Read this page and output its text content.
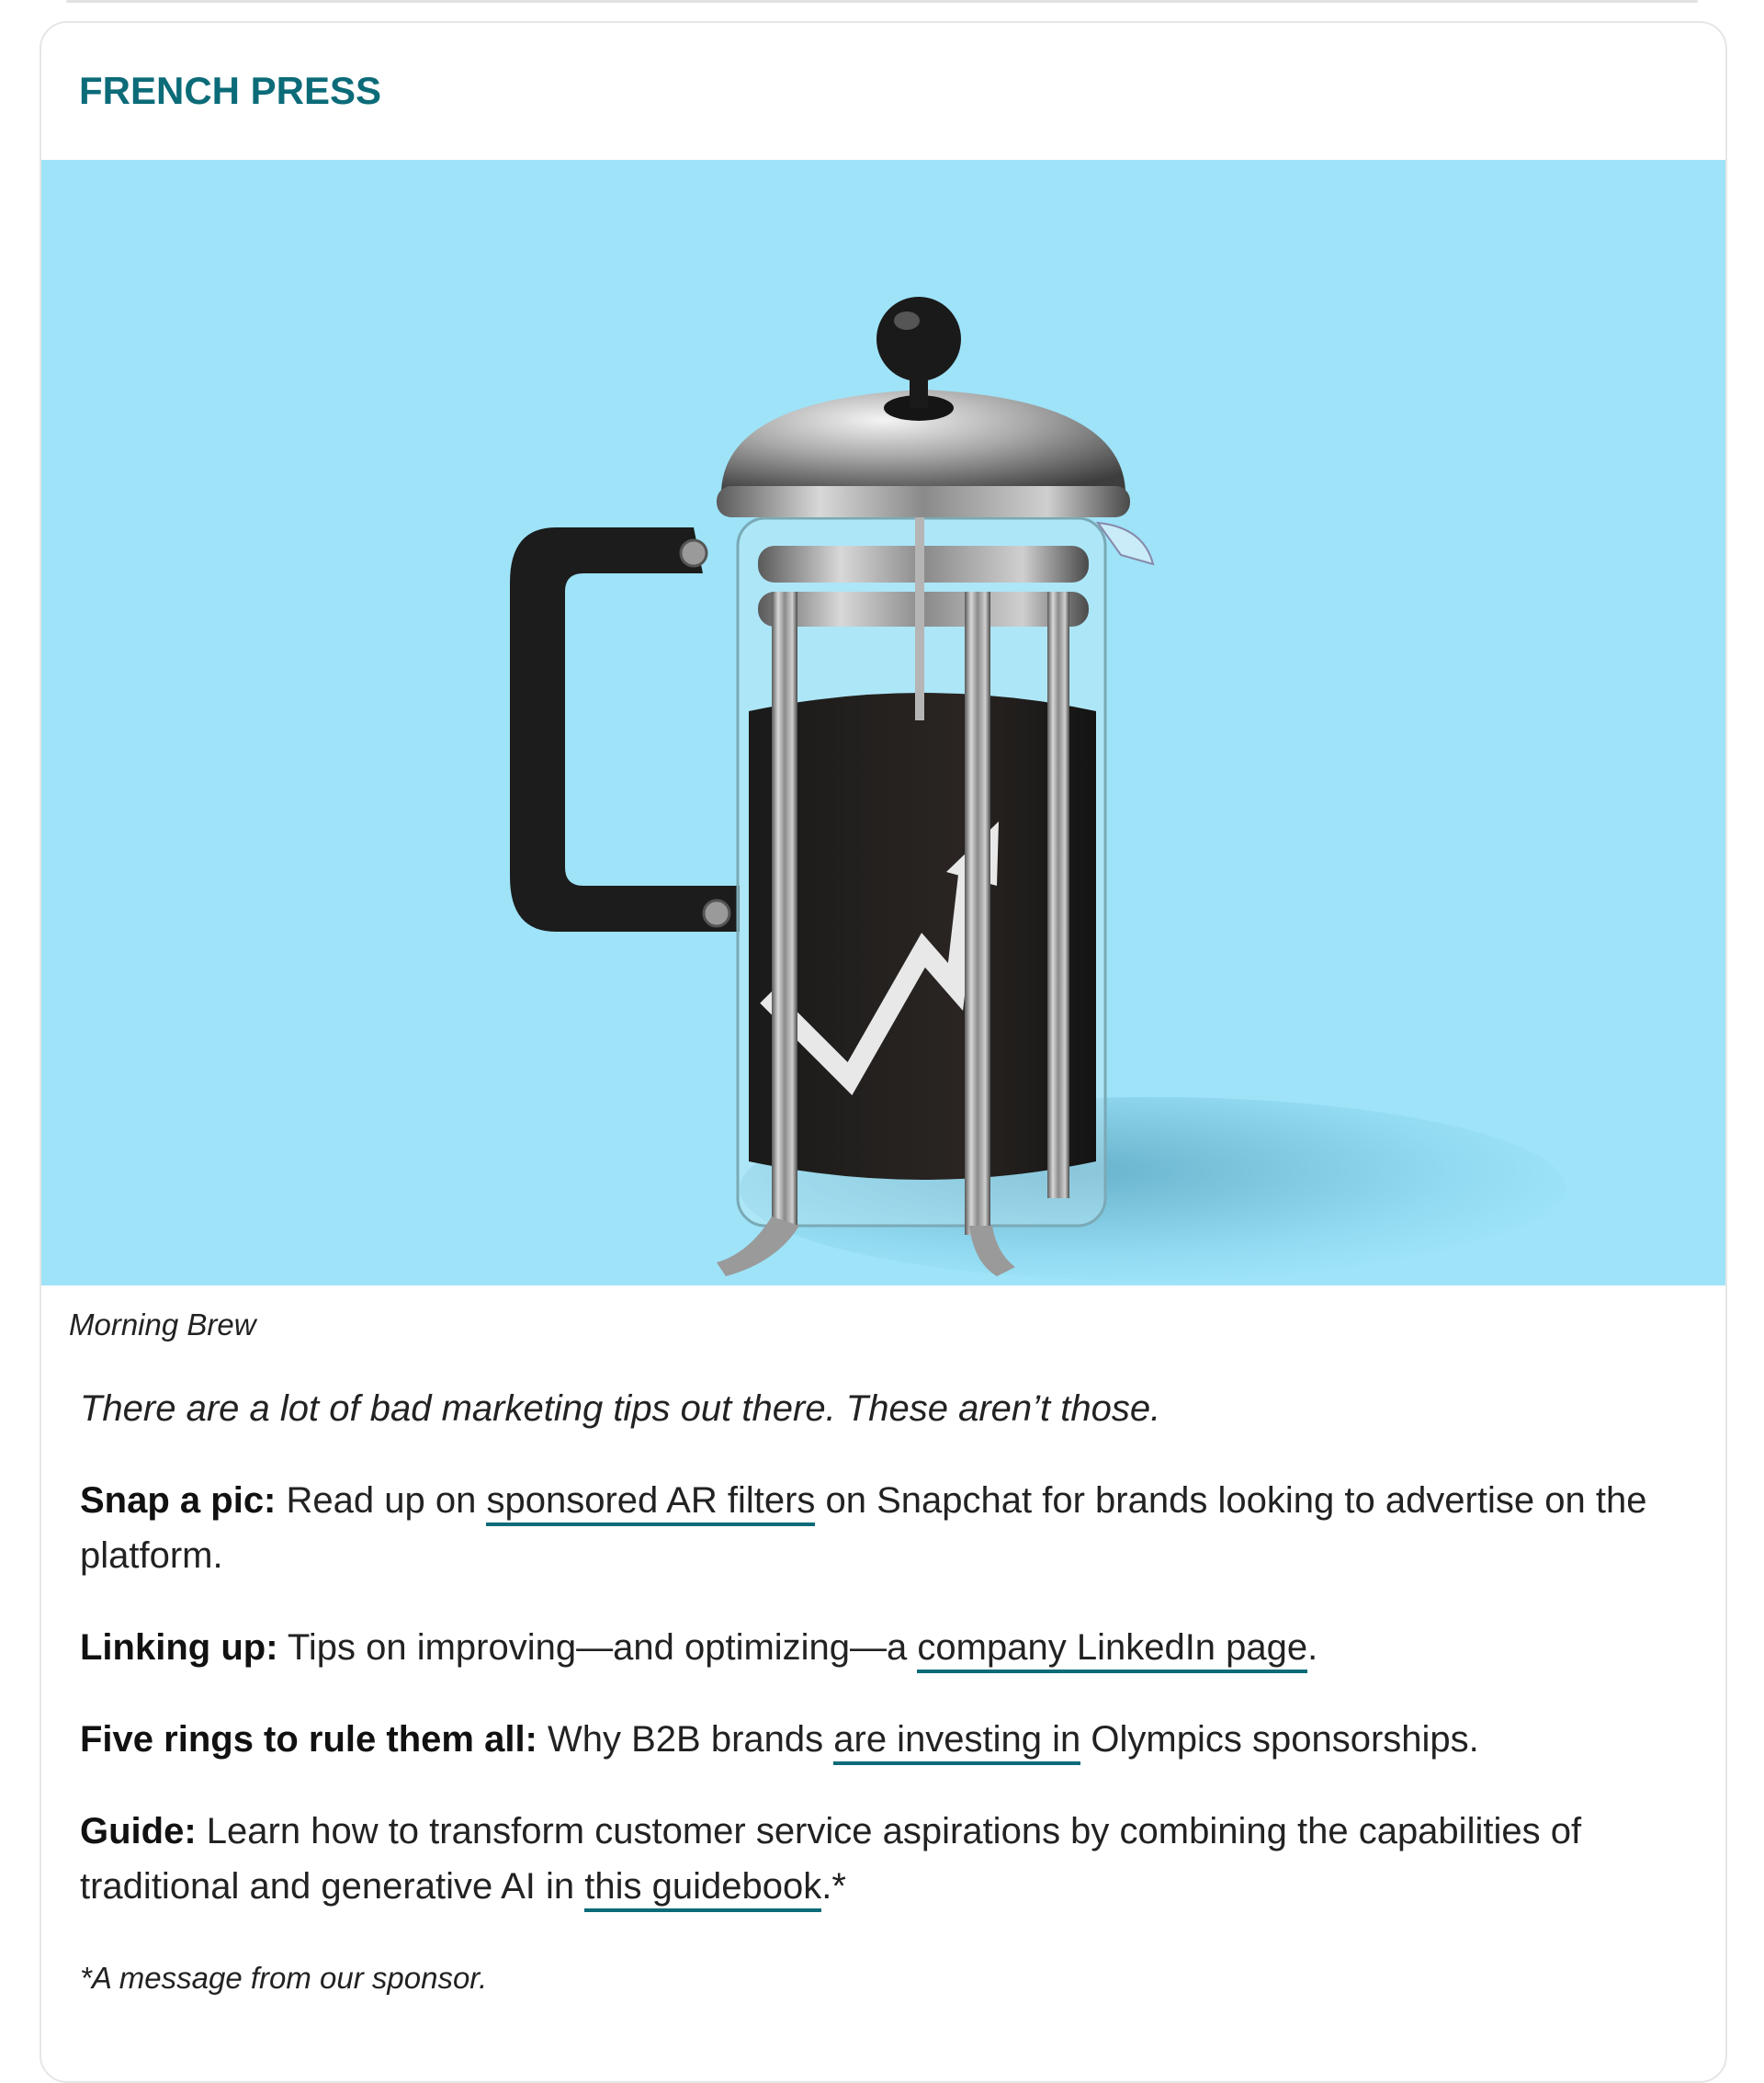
FRENCH PRESS
Morning Brew

There are a lot of bad marketing tips out there. These aren’t those.

Snap a pic: Read up on sponsored AR filters on Snapchat for brands looking to advertise on the platform.

Linking up: Tips on improving—and optimizing—a company LinkedIn page.

Five rings to rule them all: Why B2B brands are investing in Olympics sponsorships.

Guide: Learn how to transform customer service aspirations by combining the capabilities of traditional and generative AI in this guidebook.*

*A message from our sponsor.
